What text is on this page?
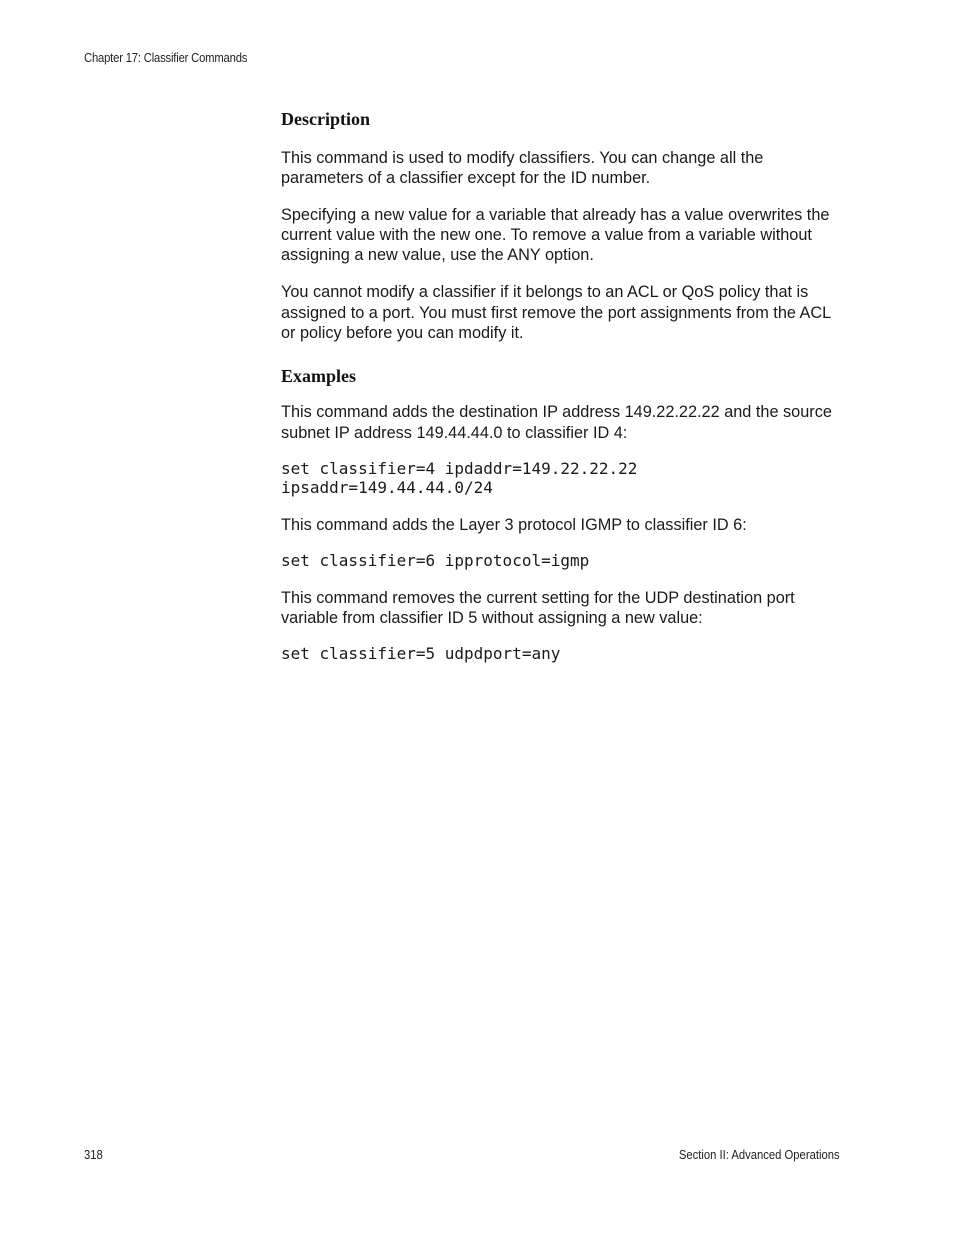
Chapter 17: Classifier Commands
Description

This command is used to modify classifiers. You can change all the parameters of a classifier except for the ID number.

Specifying a new value for a variable that already has a value overwrites the current value with the new one. To remove a value from a variable without assigning a new value, use the ANY option.

You cannot modify a classifier if it belongs to an ACL or QoS policy that is assigned to a port. You must first remove the port assignments from the ACL or policy before you can modify it.

Examples

This command adds the destination IP address 149.22.22.22 and the source subnet IP address 149.44.44.0 to classifier ID 4:

set classifier=4 ipdaddr=149.22.22.22
ipsaddr=149.44.44.0/24

This command adds the Layer 3 protocol IGMP to classifier ID 6:

set classifier=6 ipprotocol=igmp

This command removes the current setting for the UDP destination port variable from classifier ID 5 without assigning a new value:

set classifier=5 udpdport=any
318	Section II: Advanced Operations
